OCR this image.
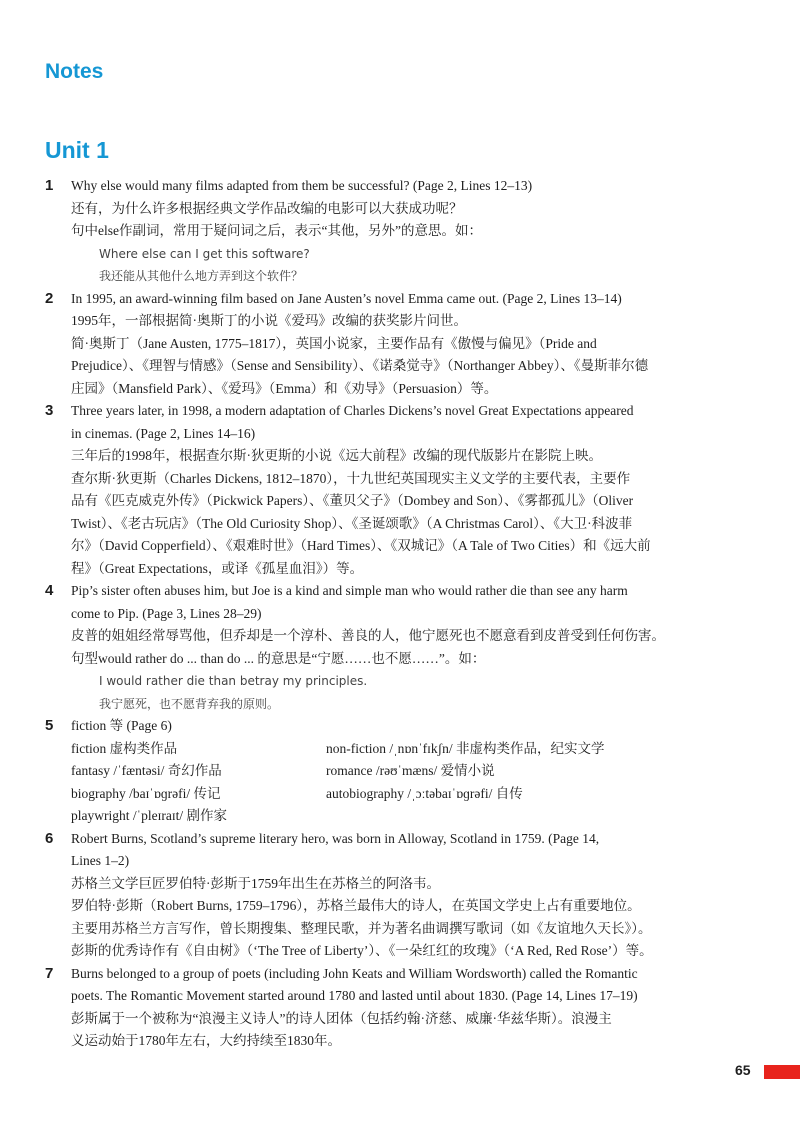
Notes
Unit 1
1	Why else would many films adapted from them be successful? (Page 2, Lines 12–13)
还有，为什么许多根据经典文学作品改编的电影可以大获成功呢？
句中else作副词，常用于疑问词之后，表示“其他，另外”的意思。如：
Where else can I get this software?
我还能从其他什么地方弄到这个软件？
2	In 1995, an award-winning film based on Jane Austen’s novel Emma came out. (Page 2, Lines 13–14)
1995年，一部根据简·奥斯丁的小说《爱玛》改编的获奖影片问世。
简·奥斯丁（Jane Austen, 1775–1817），英国小说家，主要作品有《傲慢与偏见》（Pride and
Prejudice）、《理智与情感》（Sense and Sensibility）、《诺桑觉寺》（Northanger Abbey）、《曼斯菲尔德
庄园》（Mansfield Park）、《爱玛》（Emma）和《劝导》（Persuasion）等。
3	Three years later, in 1998, a modern adaptation of Charles Dickens’s novel Great Expectations appeared
in cinemas. (Page 2, Lines 14–16)
三年后的1998年，根据查尔斯·狄更斯的小说《远大前程》改编的现代版影片在影院上映。
查尔斯·狄更斯（Charles Dickens, 1812–1870），十九世纪英国现实主义文学的主要代表，主要作
品有《匹克威克外传》（Pickwick Papers）、《董贝父子》（Dombey and Son）、《雾都孤儿》（Oliver
Twist）、《老古玩店》（The Old Curiosity Shop）、《圣诞颂歌》（A Christmas Carol）、《大卫·科波菲
尔》（David Copperfield）、《艰难时世》（Hard Times）、《双城记》（A Tale of Two Cities）和《远大前
程》（Great Expectations，或译《孤星血泪》）等。
4	Pip’s sister often abuses him, but Joe is a kind and simple man who would rather die than see any harm
come to Pip. (Page 3, Lines 28–29)
皮普的姐姐经常辱骂他，但乔却是一个淳朴、善良的人，他宁愿死也不愿意看到皮普受到任何伤害。
句型would rather do ... than do ... 的意思是“宁愿……也不愿……”。如：
I would rather die than betray my principles.
我宁愿死，也不愿背弃我的原则。
5	fiction 等 (Page 6)
fiction 虚构类作品	non-fiction /ˌnɒnˈfɪkʃn/ 非虚构类作品，纪实文学
fantasy /ˈfæntəsi/ 奇幻作品	romance /rəʊˈmæns/ 爱情小说
biography /baɪˈɒɡrəfi/ 传记	autobiography /ˌɔːtəbaɪˈɒɡrəfi/ 自传
playwright /ˈpleɪraɪt/ 剧作家
6	Robert Burns, Scotland’s supreme literary hero, was born in Alloway, Scotland in 1759. (Page 14,
Lines 1–2)
苏格兰文学巨匠罗伯特·彭斯于1759年出生在苏格兰的阿洛韦。
罗伯特·彭斯（Robert Burns, 1759–1796），苏格兰最伟大的诗人，在英国文学史上占有重要地位。
主要用苏格兰方言写作，曾长期搜集、整理民歌，并为著名曲调撰写歌词（如《友谊地久天长》）。
彭斯的优秀诗作有《自由树》（‘The Tree of Liberty’）、《一朵红红的玫瑰》（‘A Red, Red Rose’）等。
7	Burns belonged to a group of poets (including John Keats and William Wordsworth) called the Romantic
poets. The Romantic Movement started around 1780 and lasted until about 1830. (Page 14, Lines 17–19)
彭斯属于一个被称为“浪漫主义诗人”的诗人团体（包括约翰·济慈、威廉·华兹华斯）。浪漫主
义运动始于1780年左右，大约持续至1830年。
65
